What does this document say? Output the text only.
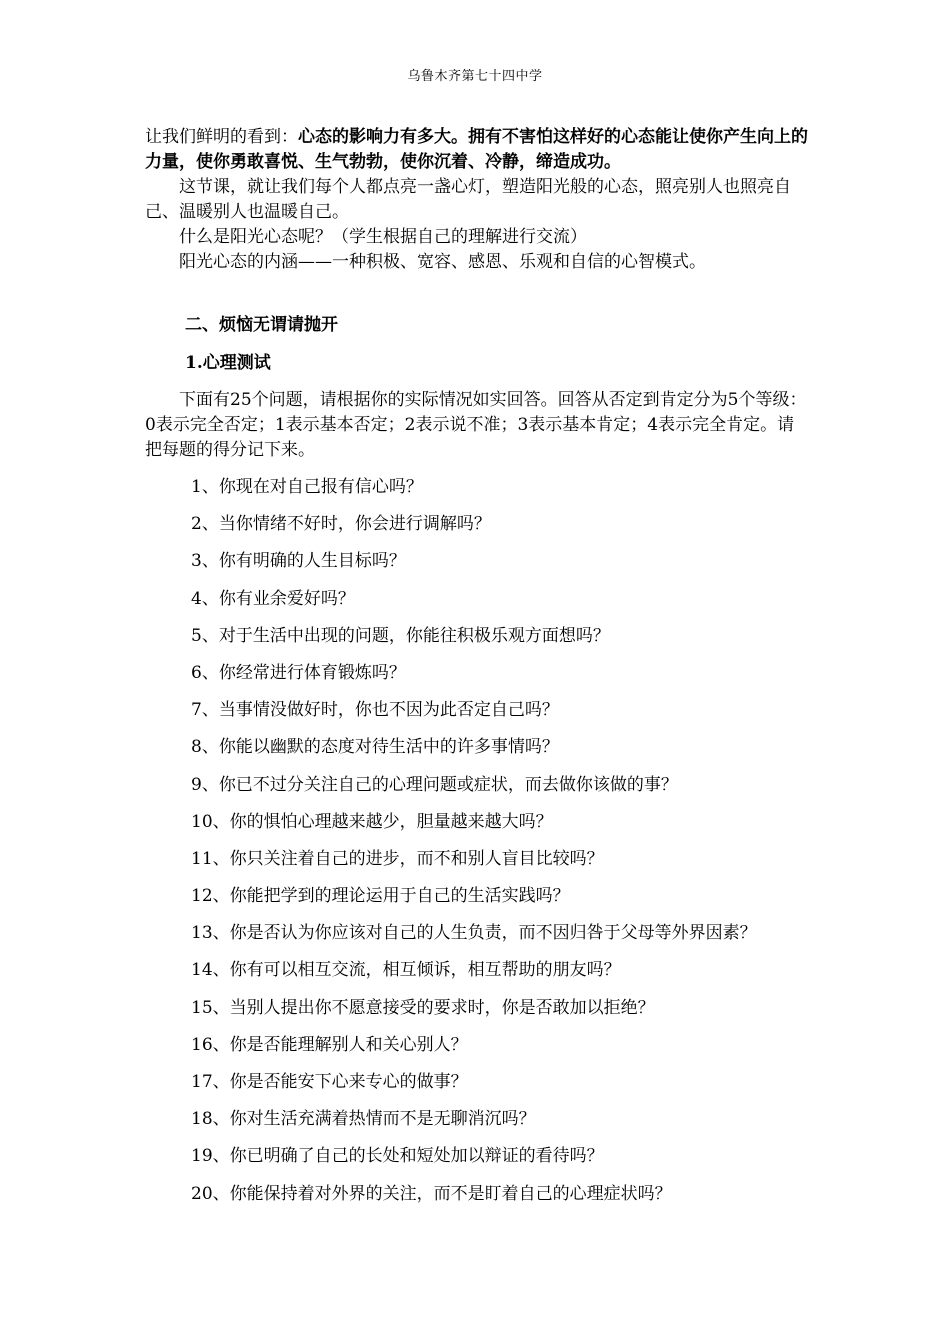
乌鲁木齐第七十四中学

让我们鲜明的看到：心态的影响力有多大。拥有不害怕这样好的心态能让使你产生向上的力量，使你勇敢喜悦、生气勃勃，使你沉着、冷静，缔造成功。

这节课，就让我们每个人都点亮一盏心灯，塑造阳光般的心态，照亮别人也照亮自己、温暖别人也温暖自己。

什么是阳光心态呢？（学生根据自己的理解进行交流）

阳光心态的内涵——一种积极、宽容、感恩、乐观和自信的心智模式。

二、烦恼无谓请抛开

1.心理测试

下面有25个问题，请根据你的实际情况如实回答。回答从否定到肯定分为5个等级：0表示完全否定；1表示基本否定；2表示说不准；3表示基本肯定；4表示完全肯定。请把每题的得分记下来。

1、你现在对自己报有信心吗？
2、当你情绪不好时，你会进行调解吗？
3、你有明确的人生目标吗？
4、你有业余爱好吗？
5、对于生活中出现的问题，你能往积极乐观方面想吗？
6、你经常进行体育锻炼吗？
7、当事情没做好时，你也不因为此否定自己吗？
8、你能以幽默的态度对待生活中的许多事情吗？
9、你已不过分关注自己的心理问题或症状，而去做你该做的事？
10、你的惧怕心理越来越少，胆量越来越大吗？
11、你只关注着自己的进步，而不和别人盲目比较吗？
12、你能把学到的理论运用于自己的生活实践吗？
13、你是否认为你应该对自己的人生负责，而不因归咎于父母等外界因素？
14、你有可以相互交流，相互倾诉，相互帮助的朋友吗？
15、当别人提出你不愿意接受的要求时，你是否敢加以拒绝？
16、你是否能理解别人和关心别人？
17、你是否能安下心来专心的做事？
18、你对生活充满着热情而不是无聊消沉吗？
19、你已明确了自己的长处和短处加以辩证的看待吗？
20、你能保持着对外界的关注，而不是盯着自己的心理症状吗？
